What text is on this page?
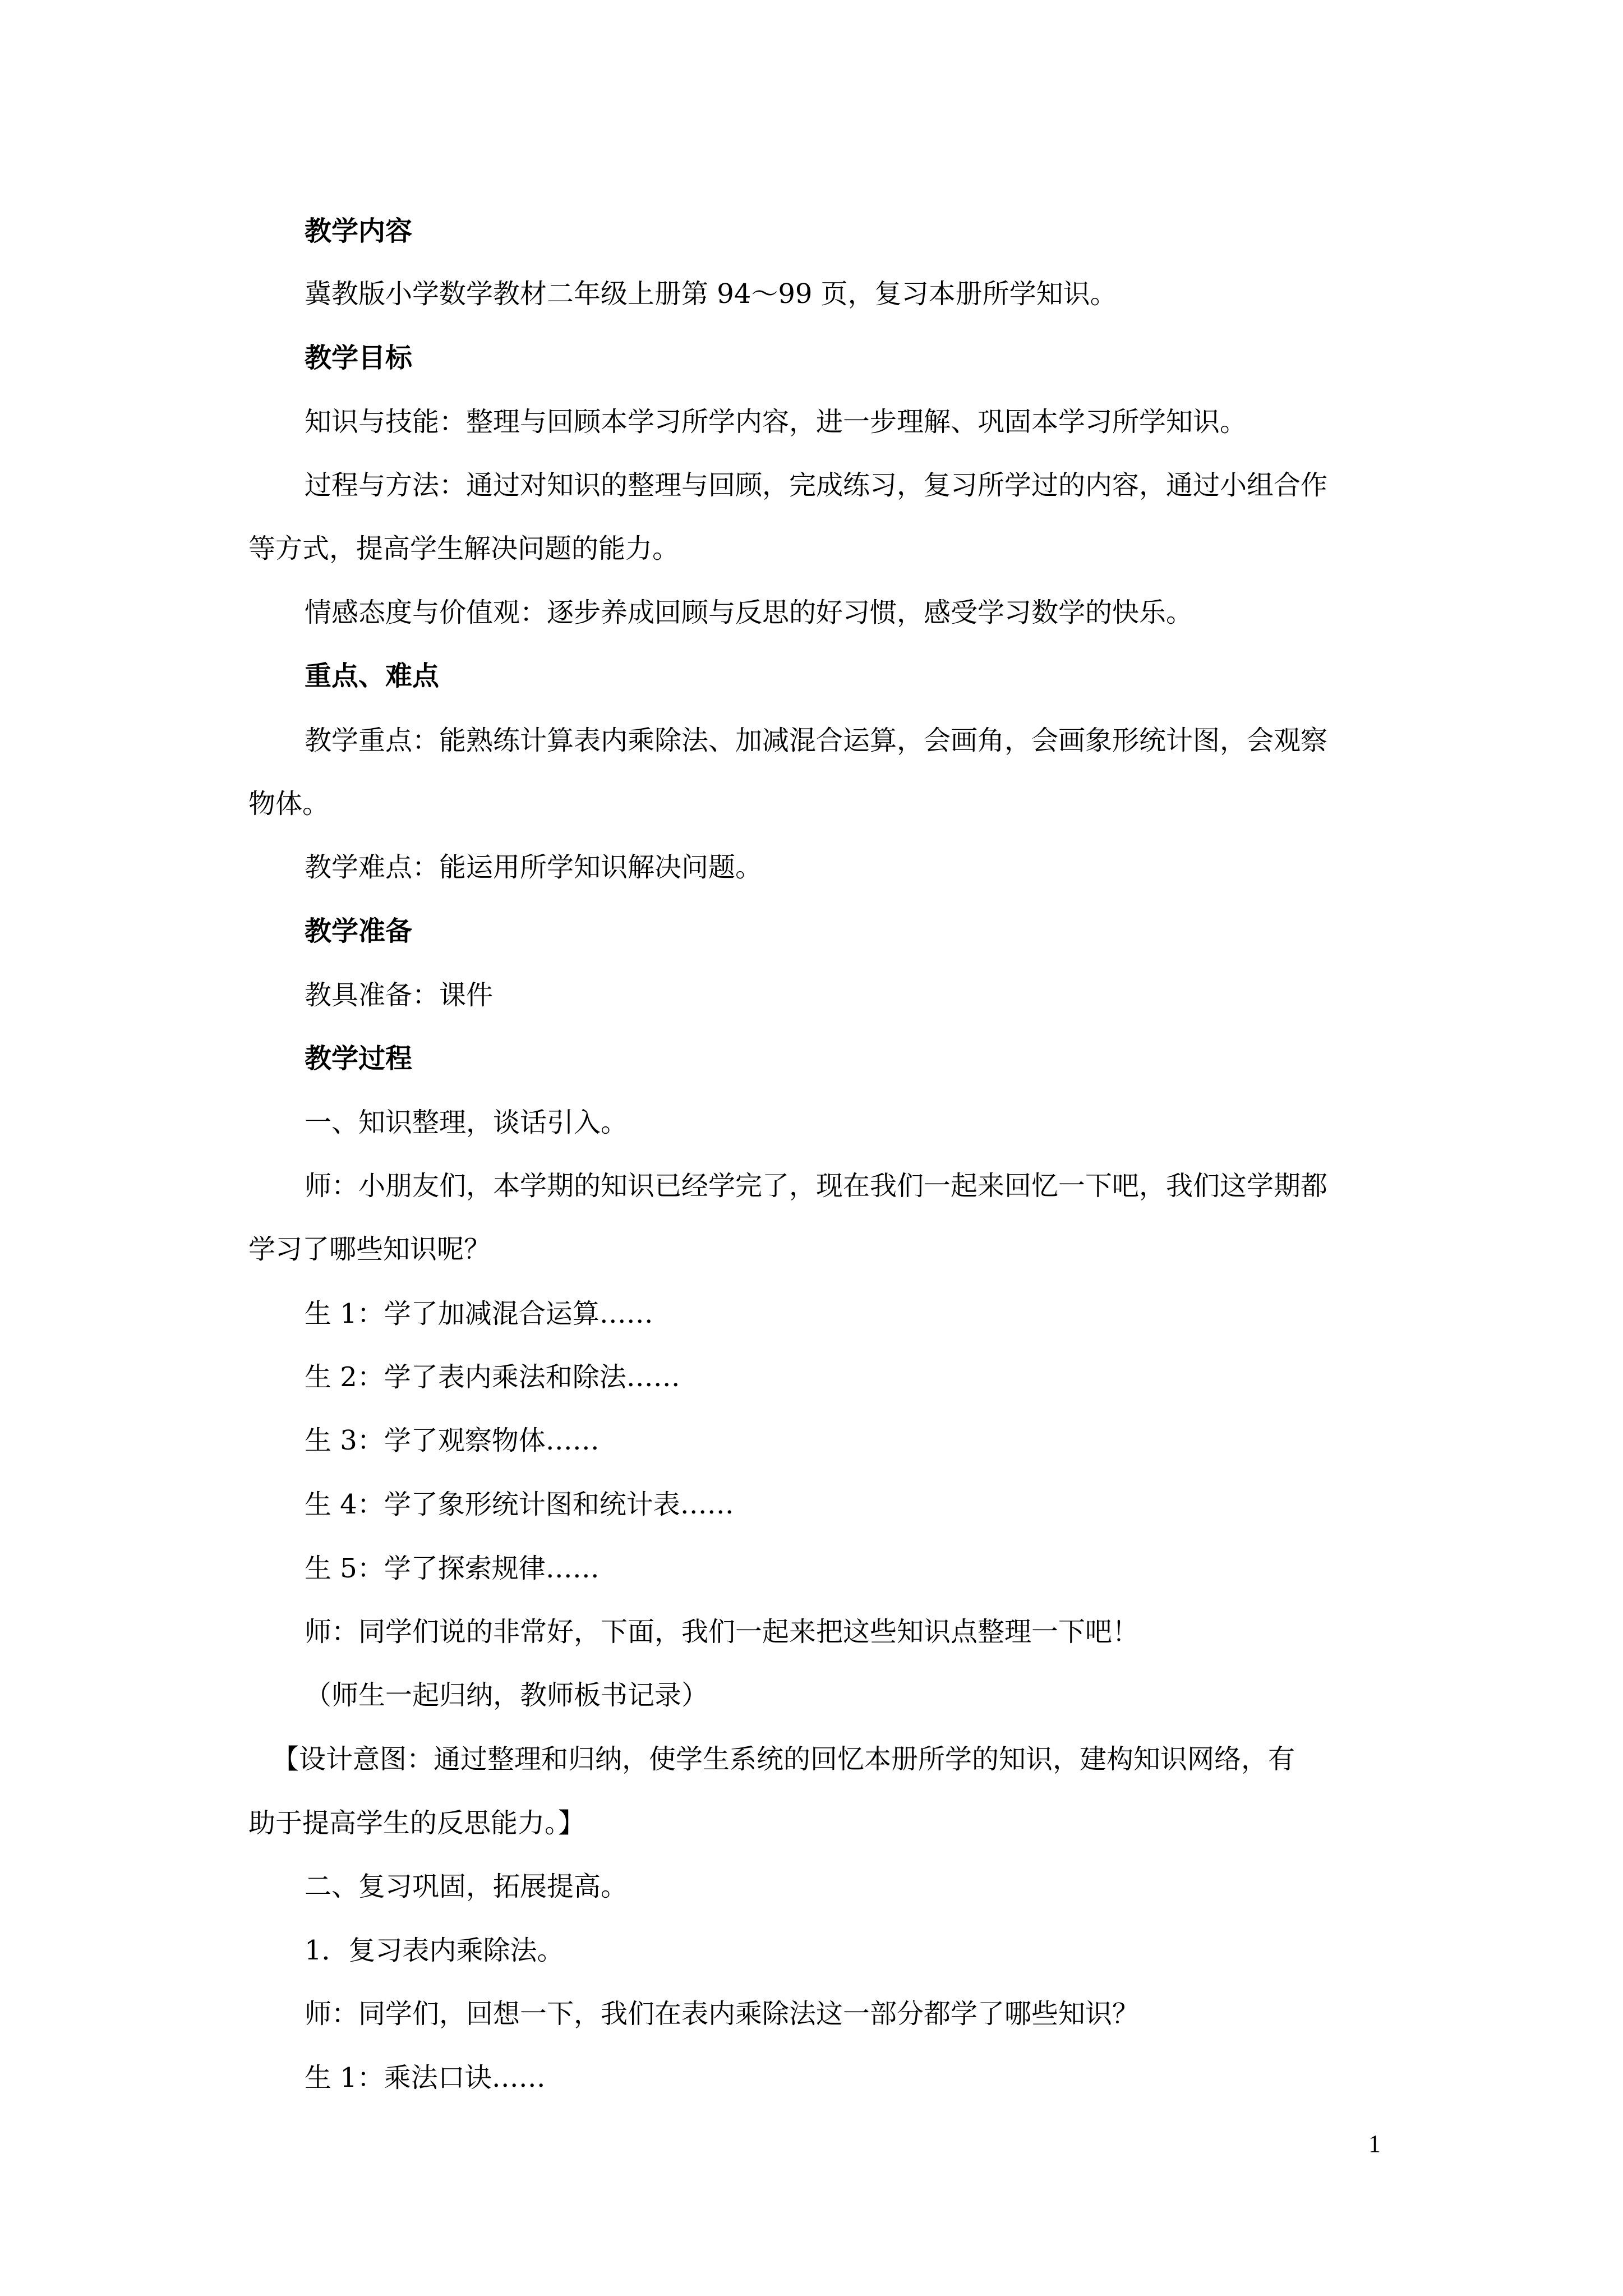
教学内容
冀教版小学数学教材二年级上册第 94～99 页，复习本册所学知识。
教学目标
知识与技能：整理与回顾本学习所学内容，进一步理解、巩固本学习所学知识。
过程与方法：通过对知识的整理与回顾，完成练习，复习所学过的内容，通过小组合作
等方式，提高学生解决问题的能力。
情感态度与价值观：逐步养成回顾与反思的好习惯，感受学习数学的快乐。
重点、难点
教学重点：能熟练计算表内乘除法、加减混合运算，会画角，会画象形统计图，会观察
物体。
教学难点：能运用所学知识解决问题。
教学准备
教具准备：课件
教学过程
一、知识整理，谈话引入。
师：小朋友们，本学期的知识已经学完了，现在我们一起来回忆一下吧，我们这学期都
学习了哪些知识呢？
生 1：学了加减混合运算……
生 2：学了表内乘法和除法……
生 3：学了观察物体……
生 4：学了象形统计图和统计表……
生 5：学了探索规律……
师：同学们说的非常好，下面，我们一起来把这些知识点整理一下吧！
（师生一起归纳，教师板书记录）
【设计意图：通过整理和归纳，使学生系统的回忆本册所学的知识，建构知识网络，有
助于提高学生的反思能力。】
二、复习巩固，拓展提高。
1．复习表内乘除法。
师：同学们，回想一下，我们在表内乘除法这一部分都学了哪些知识？
生 1：乘法口诀……
1
